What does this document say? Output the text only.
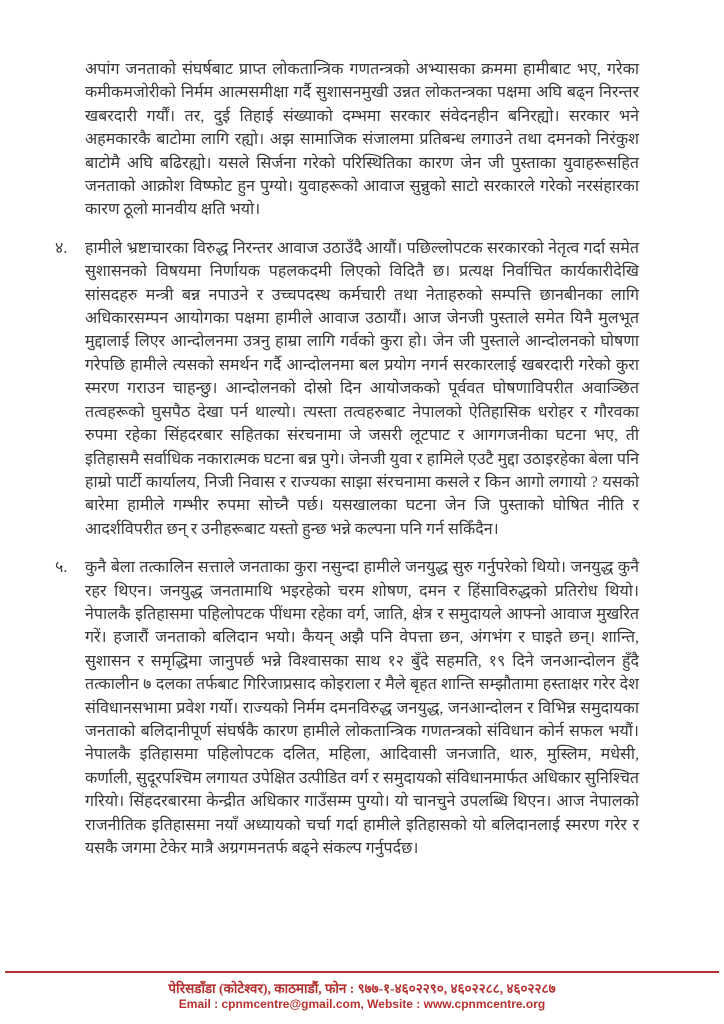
अपांग जनताको संघर्षबाट प्राप्त लोकतान्त्रिक गणतन्त्रको अभ्यासका क्रममा हामीबाट भए, गरेका कमीकमजोरीको निर्मम आत्मसमीक्षा गर्दै सुशासनमुखी उन्नत लोकतन्त्रका पक्षमा अघि बढ्न निरन्तर खबरदारी गर्यौं। तर, दुई तिहाई संख्याको दम्भमा सरकार संवेदनहीन बनिरह्यो। सरकार भने अहमकारकै बाटोमा लागि रह्यो। अझ सामाजिक संजालमा प्रतिबन्ध लगाउने तथा दमनको निरंकुश बाटोमै अघि बढिरह्यो। यसले सिर्जना गरेको परिस्थितिका कारण जेन जी पुस्ताका युवाहरूसहित जनताको आक्रोश विष्फोट हुन पुग्यो। युवाहरूको आवाज सुन्नुको साटो सरकारले गरेको नरसंहारका कारण ठूलो मानवीय क्षति भयो।
४.	हामीले भ्रष्टाचारका विरुद्ध निरन्तर आवाज उठाउँदै आयौं। पछिल्लोपटक सरकारको नेतृत्व गर्दा समेत सुशासनको विषयमा निर्णायक पहलकदमी लिएको विदितै छ। प्रत्यक्ष निर्वाचित कार्यकारीदेखि सांसदहरु मन्त्री बन्न नपाउने र उच्चपदस्थ कर्मचारी तथा नेताहरुको सम्पत्ति छानबीनका लागि अधिकारसम्पन आयोगका पक्षमा हामीले आवाज उठायौं। आज जेनजी पुस्ताले समेत यिनै मुलभूत मुद्दालाई लिएर आन्दोलनमा उत्रनु हाम्रा लागि गर्वको कुरा हो। जेन जी पुस्ताले आन्दोलनको घोषणा गरेपछि हामीले त्यसको समर्थन गर्दै आन्दोलनमा बल प्रयोग नगर्न सरकारलाई खबरदारी गरेको कुरा स्मरण गराउन चाहन्छु। आन्दोलनको दोस्रो दिन आयोजकको पूर्ववत घोषणाविपरीत अवाञ्छित तत्वहरूको घुसपैठ देखा पर्न थाल्यो। त्यस्ता तत्वहरुबाट नेपालको ऐतिहासिक धरोहर र गौरवका रुपमा रहेका सिंहदरबार सहितका संरचनामा जे जसरी लूटपाट र आगगजनीका घटना भए, ती इतिहासमै सर्वाधिक नकारात्मक घटना बन्न पुगे। जेनजी युवा र हामिले एउटै मुद्दा उठाइरहेका बेला पनि हाम्रो पार्टी कार्यालय, निजी निवास र राज्यका साझा संरचनामा कसले र किन आगो लगायो ? यसको बारेमा हामीले गम्भीर रुपमा सोच्नै पर्छ। यसखालका घटना जेन जि पुस्ताको घोषित नीति र आदर्शविपरीत छन् र उनीहरूबाट यस्तो हुन्छ भन्ने कल्पना पनि गर्न सकिँदैन।
५.	कुनै बेला तत्कालिन सत्ताले जनताका कुरा नसुन्दा हामीले जनयुद्ध सुरु गर्नुपरेको थियो। जनयुद्ध कुनै रहर थिएन। जनयुद्ध जनतामाथि भइरहेको चरम शोषण, दमन र हिंसाविरुद्धको प्रतिरोध थियो। नेपालकै इतिहासमा पहिलोपटक पींधमा रहेका वर्ग, जाति, क्षेत्र र समुदायले आफ्नो आवाज मुखरित गरें। हजारौं जनताको बलिदान भयो। कैयन् अझै पनि वेपत्ता छन, अंगभंग र घाइते छन्। शान्ति, सुशासन र समृद्धिमा जानुपर्छ भन्ने विश्वासका साथ १२ बुँदे सहमति, १९ दिने जनआन्दोलन हुँदै तत्कालीन ७ दलका तर्फबाट गिरिजाप्रसाद कोइराला र मैले बृहत शान्ति सम्झौतामा हस्ताक्षर गरेर देश संविधानसभामा प्रवेश गर्यो। राज्यको निर्मम दमनविरुद्ध जनयुद्ध, जनआन्दोलन र विभिन्न समुदायका जनताको बलिदानीपूर्ण संघर्षकै कारण हामीले लोकतान्त्रिक गणतन्त्रको संविधान कोर्न सफल भयौं। नेपालकै इतिहासमा पहिलोपटक दलित, महिला, आदिवासी जनजाति, थारु, मुस्लिम, मधेसी, कर्णाली, सुदूरपश्चिम लगायत उपेक्षित उत्पीडित वर्ग र समुदायको संविधानमार्फत अधिकार सुनिश्चित गरियो। सिंहदरबारमा केन्द्रीत अधिकार गाउँसम्म पुग्यो। यो चानचुने उपलब्धि थिएन। आज नेपालको राजनीतिक इतिहासमा नयाँ अध्यायको चर्चा गर्दा हामीले इतिहासको यो बलिदानलाई स्मरण गरेर र यसकै जगमा टेकेर मात्रै अग्रगमनतर्फ बढ्ने संकल्प गर्नुपर्दछ।
पेरिसडाँडा (कोटेश्वर), काठमाडौं, फोन : ९७७-१-४६०२२९०, ४६०२२८८, ४६०२२८७
Email : cpnmcentre@gmail.com, Website : www.cpnmcentre.org
